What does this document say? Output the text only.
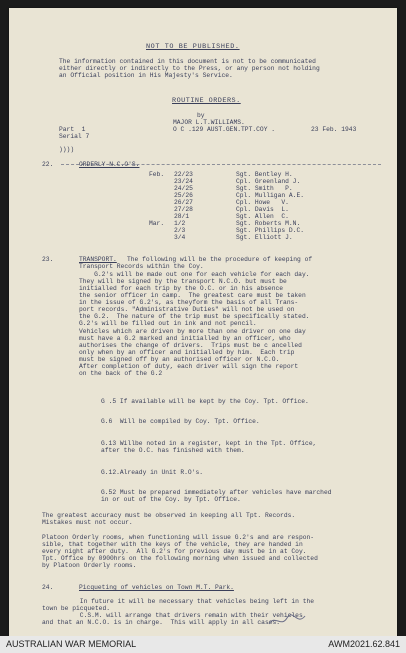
NOT TO BE PUBLISHED.
The information contained in this document is not to be communicated
either directly or indirectly to the Press, or any person not holding
an Official position in His Majesty's Service.
ROUTINE ORDERS.
by
MAJOR L.T.WILLIAMS.
Part  1	O C .129 AUST.GEN.TPT.COY .	23 Feb. 1943
Serial 7
))))
22.	ORDERLY N.C.O'S.
Feb. 22/23	Sgt. Bentley H.
23/24	Cpl. Greenland J.
24/25	Sgt. Smith   P.
25/26	Cpl. Mulligan A.E.
26/27	Cpl. Howe   V.
27/28	Cpl. Davis  L.
28/1	Sgt. Allen  C.
Mar. 1/2	Sgt. Roberts M.N.
2/3	Sgt. Phillips D.C.
3/4	Sgt. Elliott J.
23.	TRANSPORT. The following will be the procedure of keeping of
Transport Records within the Coy.
G.2's will be made out one for each vehicle for each day.
They will be signed by the transport N.C.O. but must be
initialled for each trip by the O.C. or in his absence
the senior officer in camp.  The greatest care must be taken
in the issue of G.2's, as theyform the basis of all Trans-
port records. "Administrative Duties" will not be used on
the G.2.  The nature of the trip must be specifically stated.
G.2's will be filled out in ink and not pencil.
Vehicles which are driven by more than one driver on one day
must have a G.2 marked and initialled by an officer, who
authorises the change of drivers.  Trips must be c ancelled
only when by an officer and initialled by him.  Each trip
must be signed off by an authorised officer or N.C.O.
After completion of duty, each driver will sign the report
on the back of the G.2
G .5 If available will be kept by the Coy. Tpt. Office.
G.6  Will be compiled by Coy. Tpt. Office.
G.13 Willbe noted in a register, kept in the Tpt. Office,
after the O.C. has finished with them.
G.12.Already in Unit R.O's.
G.52 Must be prepared immediately after vehicles have marched
in or out of the Coy. by Tpt. Office.
The greatest accuracy must be observed in keeping all Tpt. Records.
Mistakes must not occur.
Platoon Orderly rooms, when functioning will issue G.2's and are respon-
sible, that together with the keys of the vehicle, they are handed in
every night after duty.  All G.2's for previous day must be in at Coy.
Tpt. Office by 0900hrs on the following morning when issued and collected
by Platoon Orderly rooms.
24.	Picqueting of vehicles on Town M.T. Park.
In future it will be necessary that vehicles being left in the
town be picqueted.
C.S.M. will arrange that drivers remain with their vehicles
and that an N.C.O. is in charge.  This will apply in all cases.
AUSTRALIAN WAR MEMORIAL	AWM2021.62.841
